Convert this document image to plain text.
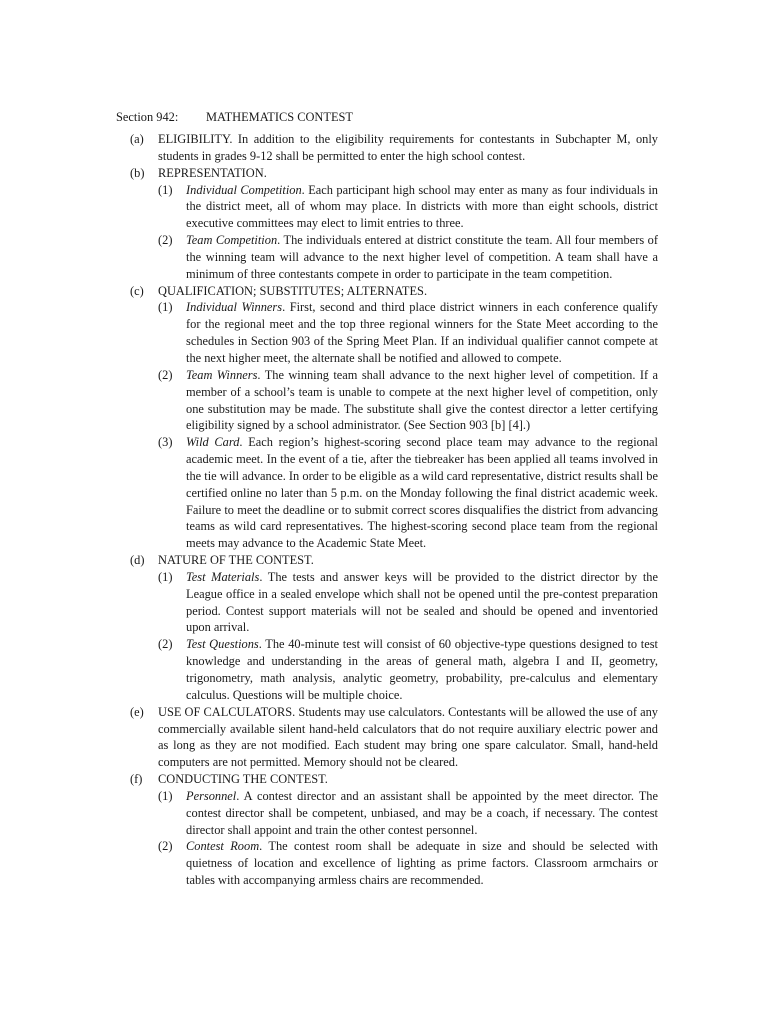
Section 942: MATHEMATICS CONTEST
(a) ELIGIBILITY. In addition to the eligibility requirements for contestants in Subchapter M, only students in grades 9-12 shall be permitted to enter the high school contest.
(b) REPRESENTATION.
(1) Individual Competition. Each participant high school may enter as many as four individuals in the district meet, all of whom may place. In districts with more than eight schools, district executive committees may elect to limit entries to three.
(2) Team Competition. The individuals entered at district constitute the team. All four members of the winning team will advance to the next higher level of competition. A team shall have a minimum of three contestants compete in order to participate in the team competition.
(c) QUALIFICATION; SUBSTITUTES; ALTERNATES.
(1) Individual Winners. First, second and third place district winners in each conference qualify for the regional meet and the top three regional winners for the State Meet according to the schedules in Section 903 of the Spring Meet Plan. If an individual qualifier cannot compete at the next higher meet, the alternate shall be notified and allowed to compete.
(2) Team Winners. The winning team shall advance to the next higher level of competition. If a member of a school’s team is unable to compete at the next higher level of competition, only one substitution may be made. The substitute shall give the contest director a letter certifying eligibility signed by a school administrator. (See Section 903 [b] [4].)
(3) Wild Card. Each region’s highest-scoring second place team may advance to the regional academic meet. In the event of a tie, after the tiebreaker has been applied all teams involved in the tie will advance. In order to be eligible as a wild card representative, district results shall be certified online no later than 5 p.m. on the Monday following the final district academic week. Failure to meet the deadline or to submit correct scores disqualifies the district from advancing teams as wild card representatives. The highest-scoring second place team from the regional meets may advance to the Academic State Meet.
(d) NATURE OF THE CONTEST.
(1) Test Materials. The tests and answer keys will be provided to the district director by the League office in a sealed envelope which shall not be opened until the pre-contest preparation period. Contest support materials will not be sealed and should be opened and inventoried upon arrival.
(2) Test Questions. The 40-minute test will consist of 60 objective-type questions designed to test knowledge and understanding in the areas of general math, algebra I and II, geometry, trigonometry, math analysis, analytic geometry, probability, pre-calculus and elementary calculus. Questions will be multiple choice.
(e) USE OF CALCULATORS. Students may use calculators. Contestants will be allowed the use of any commercially available silent hand-held calculators that do not require auxiliary electric power and as long as they are not modified. Each student may bring one spare calculator. Small, hand-held computers are not permitted. Memory should not be cleared.
(f) CONDUCTING THE CONTEST.
(1) Personnel. A contest director and an assistant shall be appointed by the meet director. The contest director shall be competent, unbiased, and may be a coach, if necessary. The contest director shall appoint and train the other contest personnel.
(2) Contest Room. The contest room shall be adequate in size and should be selected with quietness of location and excellence of lighting as prime factors. Classroom armchairs or tables with accompanying armless chairs are recommended.
